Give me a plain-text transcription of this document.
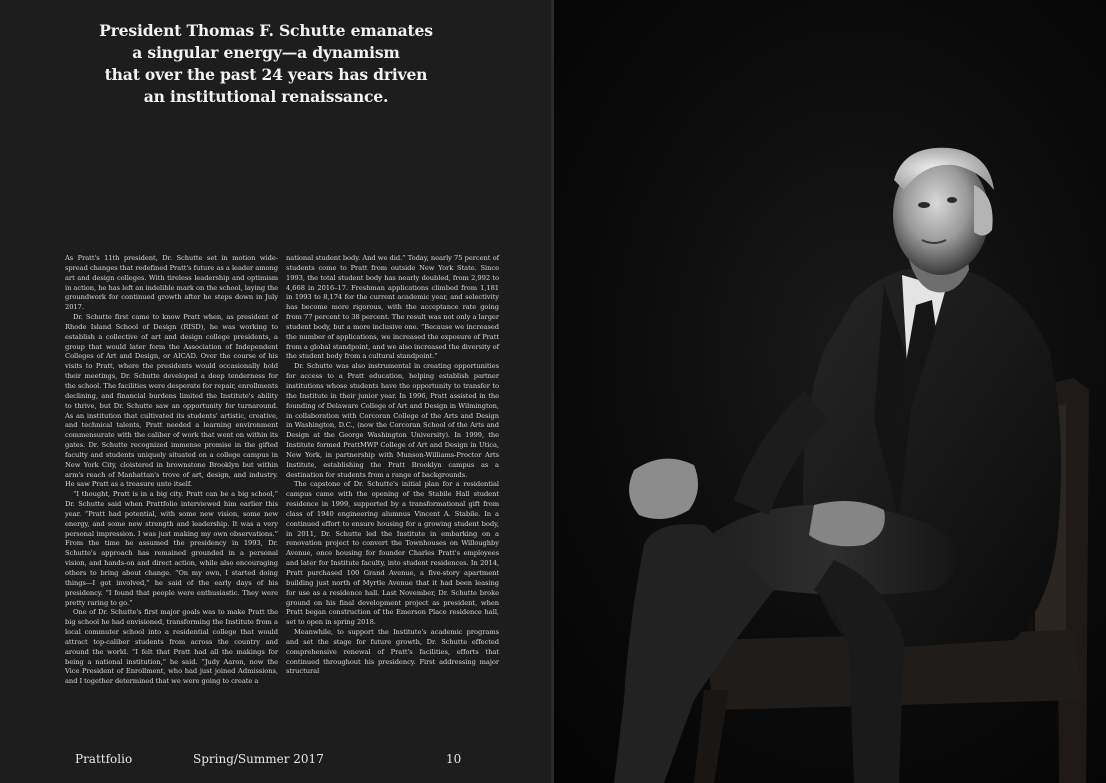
President Thomas F. Schutte emanates
a singular energy—a dynamism
that over the past 24 years has driven
an institutional renaissance.

As Pratt's 11th president, Dr. Schutte set in motion wide-spread changes that redefined Pratt's future as a leader among art and design colleges. With tireless leadership and optimism in action, he has left an indelible mark on the school, laying the groundwork for continued growth after he steps down in July 2017.

Dr. Schutte first came to know Pratt when, as president of Rhode Island School of Design (RISD), he was working to establish a collective of art and design college presidents, a group that would later form the Association of Independent Colleges of Art and Design, or AICAD. Over the course of his visits to Pratt, where the presidents would occasionally hold their meetings, Dr. Schutte developed a deep tenderness for the school. The facilities were desperate for repair, enrollments declining, and financial burdens limited the Institute's ability to thrive, but Dr. Schutte saw an opportunity for turnaround. As an institution that cultivated its students' artistic, creative, and technical talents, Pratt needed a learning environment commensurate with the caliber of work that went on within its gates. Dr. Schutte recognized immense promise in the gifted faculty and students uniquely situated on a college campus in New York City, cloistered in brownstone Brooklyn but within arm's reach of Manhattan's trove of art, design, and industry. He saw Pratt as a treasure unto itself.

“I thought, Pratt is in a big city. Pratt can be a big school,” Dr. Schutte said when Prattfolio interviewed him earlier this year. “Pratt had potential, with some new vision, some new energy, and some new strength and leadership. It was a very personal impression. I was just making my own observations.” From the time he assumed the presidency in 1993, Dr. Schutte's approach has remained grounded in a personal vision, and hands-on and direct action, while also encouraging others to bring about change. “On my own, I started doing things—I got involved,” he said of the early days of his presidency. “I found that people were enthusiastic. They were pretty raring to go.”

One of Dr. Schutte's first major goals was to make Pratt the big school he had envisioned, transforming the Institute from a local commuter school into a residential college that would attract top-caliber students from across the country and around the world. “I felt that Pratt had all the makings for being a national institution,” he said. “Judy Aaron, now the Vice President of Enrollment, who had just joined Admissions, and I together determined that we were going to create a

national student body. And we did.” Today, nearly 75 percent of students come to Pratt from outside New York State. Since 1993, the total student body has nearly doubled, from 2,992 to 4,668 in 2016–17. Freshman applications climbed from 1,181 in 1993 to 8,174 for the current academic year, and selectivity has become more rigorous, with the acceptance rate going from 77 percent to 38 percent. The result was not only a larger student body, but a more inclusive one. “Because we increased the number of applications, we increased the exposure of Pratt from a global standpoint, and we also increased the diversity of the student body from a cultural standpoint.”

Dr. Schutte was also instrumental in creating opportunities for access to a Pratt education, helping establish partner institutions whose students have the opportunity to transfer to the Institute in their junior year. In 1996, Pratt assisted in the founding of Delaware College of Art and Design in Wilmington, in collaboration with Corcoran College of the Arts and Design in Washington, D.C., (now the Corcoran School of the Arts and Design at the George Washington University). In 1999, the Institute formed PrattMWP College of Art and Design in Utica, New York, in partnership with Munson-Williams-Proctor Arts Institute, establishing the Pratt Brooklyn campus as a destination for students from a range of backgrounds.

The capstone of Dr. Schutte's initial plan for a residential campus came with the opening of the Stabile Hall student residence in 1999, supported by a transformational gift from class of 1940 engineering alumnus Vincent A. Stabile. In a continued effort to ensure housing for a growing student body, in 2011, Dr. Schutte led the Institute in embarking on a renovation project to convert the Townhouses on Willoughby Avenue, once housing for founder Charles Pratt's employees and later for Institute faculty, into student residences. In 2014, Pratt purchased 100 Grand Avenue, a five-story apartment building just north of Myrtle Avenue that it had been leasing for use as a residence hall. Last November, Dr. Schutte broke ground on his final development project as president, when Pratt began construction of the Emerson Place residence hall, set to open in spring 2018.

Meanwhile, to support the Institute's academic programs and set the stage for future growth, Dr. Schutte effected comprehensive renewal of Pratt's facilities, efforts that continued throughout his presidency. First addressing major structural

Prattfolio	Spring/Summer 2017	10
